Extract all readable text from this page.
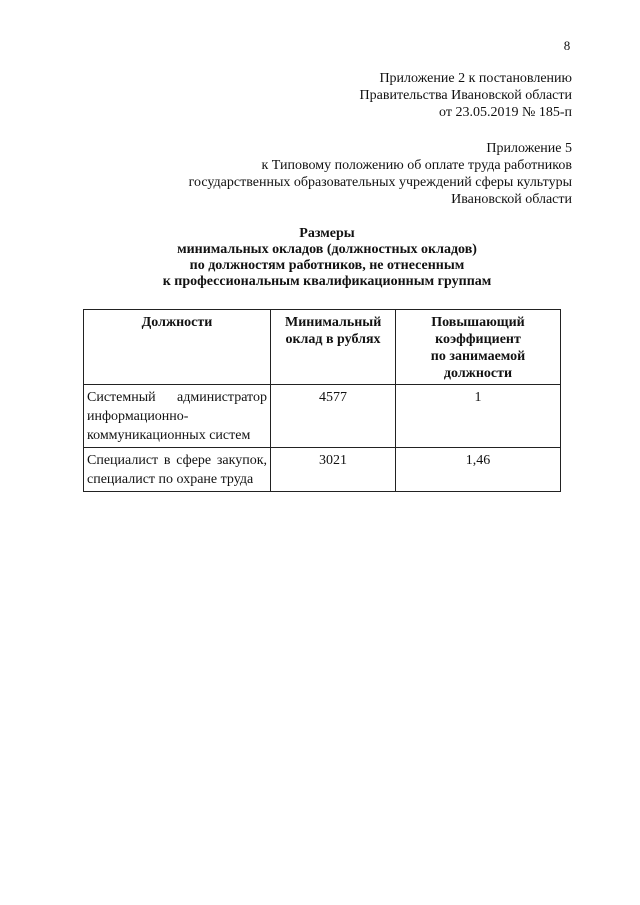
8
Приложение 2 к постановлению
Правительства Ивановской области
от 23.05.2019 № 185-п
Приложение 5
к Типовому положению об оплате труда работников
государственных образовательных учреждений сферы культуры
Ивановской области
Размеры
минимальных окладов (должностных окладов)
по должностям работников, не отнесенным
к профессиональным квалификационным группам
Должности	Минимальный оклад в рублях	Повышающий коэффициент по занимаемой должности
Системный администратор информационно-коммуникационных систем	4577	1
Специалист в сфере закупок, специалист по охране труда	3021	1,46
